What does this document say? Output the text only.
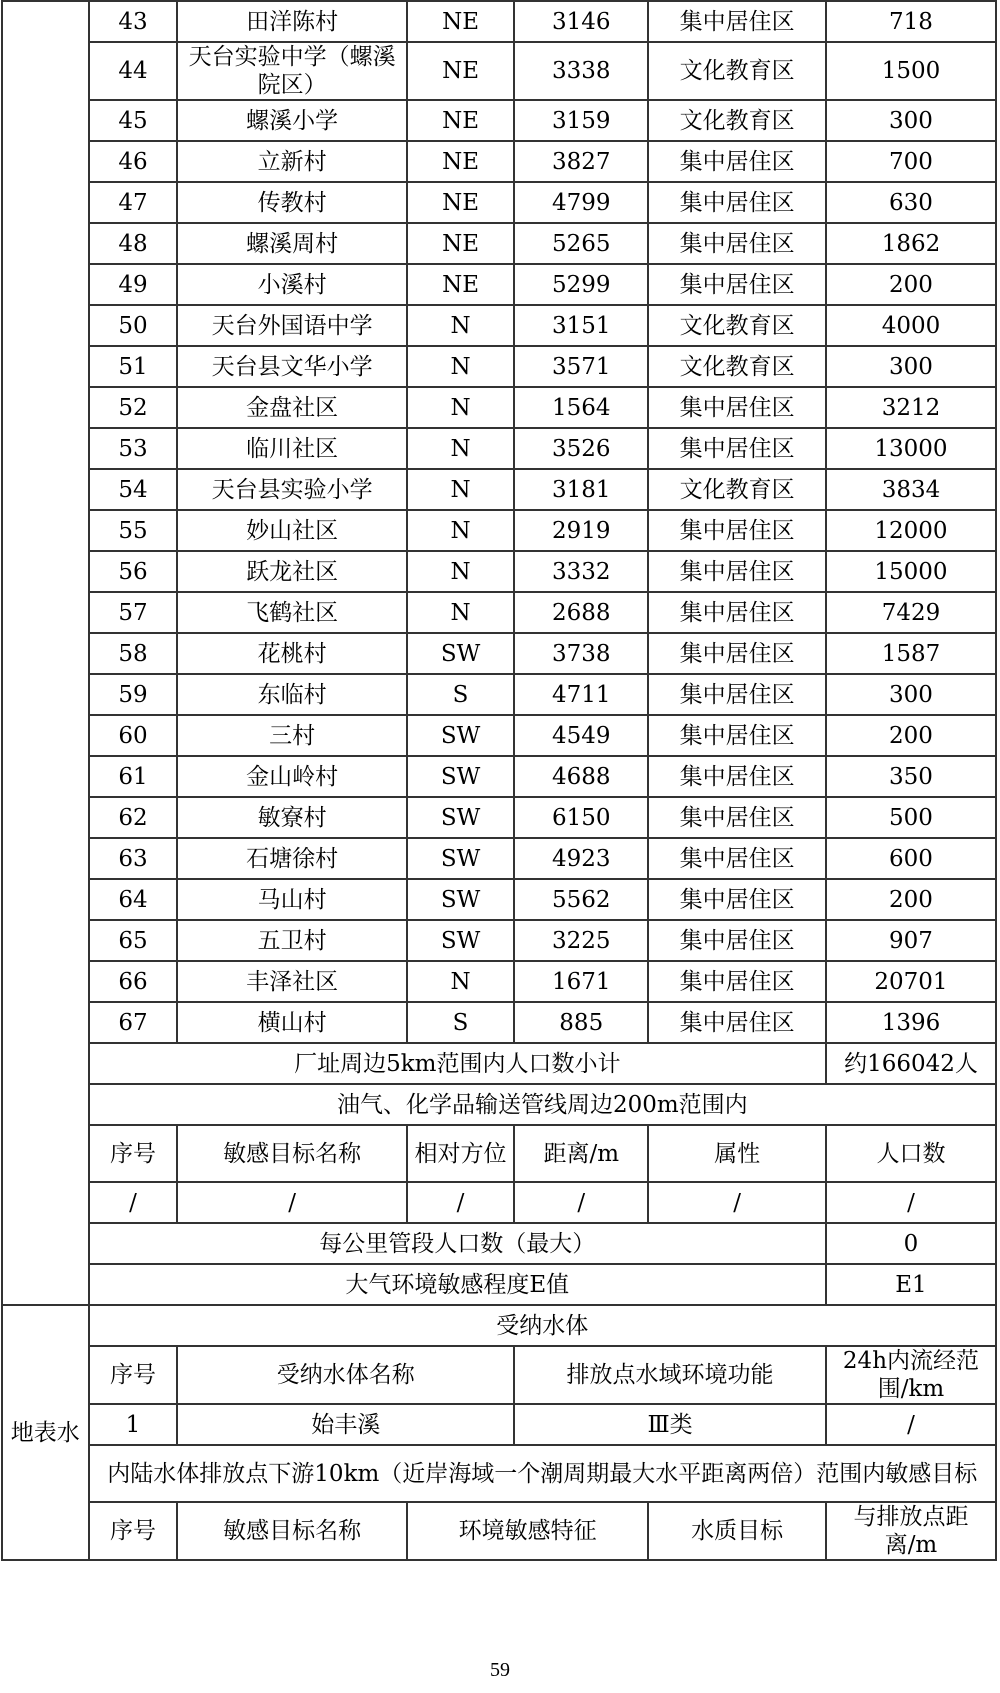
	43	田洋陈村	NE	3146	集中居住区	718
	44	天台实验中学（螺溪院区）	NE	3338	文化教育区	1500
	45	螺溪小学	NE	3159	文化教育区	300
	46	立新村	NE	3827	集中居住区	700
	47	传教村	NE	4799	集中居住区	630
	48	螺溪周村	NE	5265	集中居住区	1862
	49	小溪村	NE	5299	集中居住区	200
	50	天台外国语中学	N	3151	文化教育区	4000
	51	天台县文华小学	N	3571	文化教育区	300
	52	金盘社区	N	1564	集中居住区	3212
	53	临川社区	N	3526	集中居住区	13000
	54	天台县实验小学	N	3181	文化教育区	3834
	55	妙山社区	N	2919	集中居住区	12000
	56	跃龙社区	N	3332	集中居住区	15000
	57	飞鹤社区	N	2688	集中居住区	7429
	58	花桃村	SW	3738	集中居住区	1587
	59	东临村	S	4711	集中居住区	300
	60	三村	SW	4549	集中居住区	200
	61	金山岭村	SW	4688	集中居住区	350
	62	敏寮村	SW	6150	集中居住区	500
	63	石塘徐村	SW	4923	集中居住区	600
	64	马山村	SW	5562	集中居住区	200
	65	五卫村	SW	3225	集中居住区	907
	66	丰泽社区	N	1671	集中居住区	20701
	67	横山村	S	885	集中居住区	1396
	厂址周边5km范围内人口数小计					约166042人
	油气、化学品输送管线周边200m范围内					
	序号	敏感目标名称	相对方位	距离/m	属性	人口数
	/	/	/	/	/	/
	每公里管段人口数（最大）					0
	大气环境敏感程度E值					E1
地表水	受纳水体					
	序号	受纳水体名称		排放点水域环境功能		24h内流经范围/km
	1	始丰溪		Ⅲ类		/
	内陆水体排放点下游10km（近岸海域一个潮周期最大水平距离两倍）范围内敏感目标					
	序号	敏感目标名称	环境敏感特征		水质目标	与排放点距离/m
59
